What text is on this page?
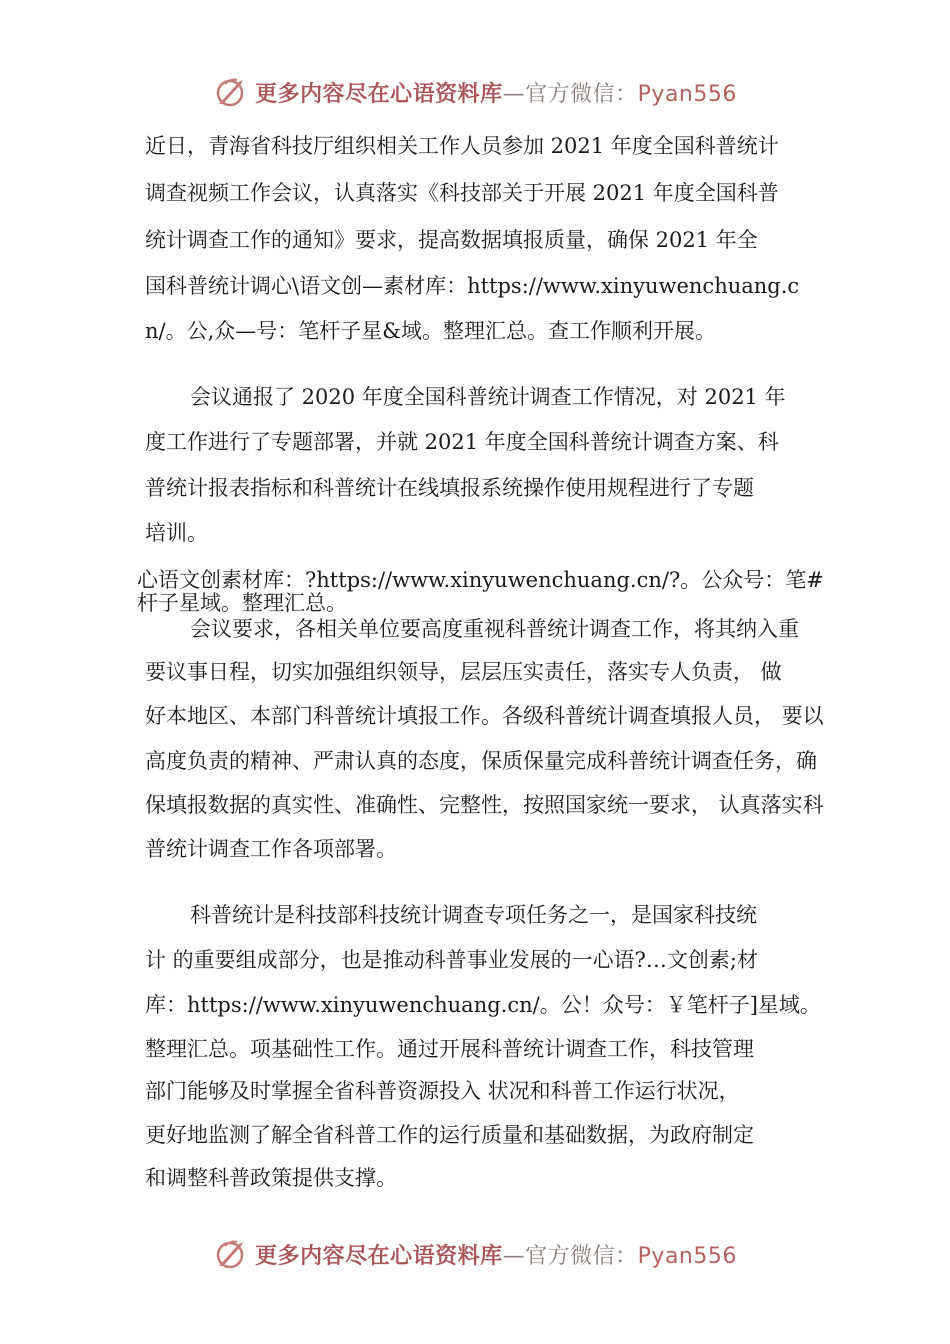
更多内容尽在心语资料库—官方微信：Pyan556

近日，青海省科技厅组织相关工作人员参加 2021 年度全国科普统计

调查视频工作会议，认真落实《科技部关于开展 2021 年度全国科普

统计调查工作的通知》要求，提高数据填报质量，确保 2021 年全

国科普统计调心\语文创—素材库：https://www.xinyuwenchuang.c

n/。公,众—号：笔杆子星&域。整理汇总。查工作顺利开展。

会议通报了 2020 年度全国科普统计调查工作情况，对 2021 年

度工作进行了专题部署，并就 2021 年度全国科普统计调查方案、科

普统计报表指标和科普统计在线填报系统操作使用规程进行了专题

培训。

心语文创素材库：?https://www.xinyuwenchuang.cn/?。公众号：笔#

杆子星域。整理汇总。

会议要求，各相关单位要高度重视科普统计调查工作，将其纳入重

要议事日程，切实加强组织领导，层层压实责任，落实专人负责， 做

好本地区、本部门科普统计填报工作。各级科普统计调查填报人员， 要以

高度负责的精神、严肃认真的态度，保质保量完成科普统计调查任务，确

保填报数据的真实性、准确性、完整性，按照国家统一要求， 认真落实科

普统计调查工作各项部署。

科普统计是科技部科技统计调查专项任务之一，是国家科技统

计 的重要组成部分，也是推动科普事业发展的一心语?…文创素;材

库：https://www.xinyuwenchuang.cn/。公！众号：￥笔杆子]星域。

整理汇总。项基础性工作。通过开展科普统计调查工作，科技管理

部门能够及时掌握全省科普资源投入 状况和科普工作运行状况，

更好地监测了解全省科普工作的运行质量和基础数据，为政府制定

和调整科普政策提供支撑。

更多内容尽在心语资料库—官方微信：Pyan556
